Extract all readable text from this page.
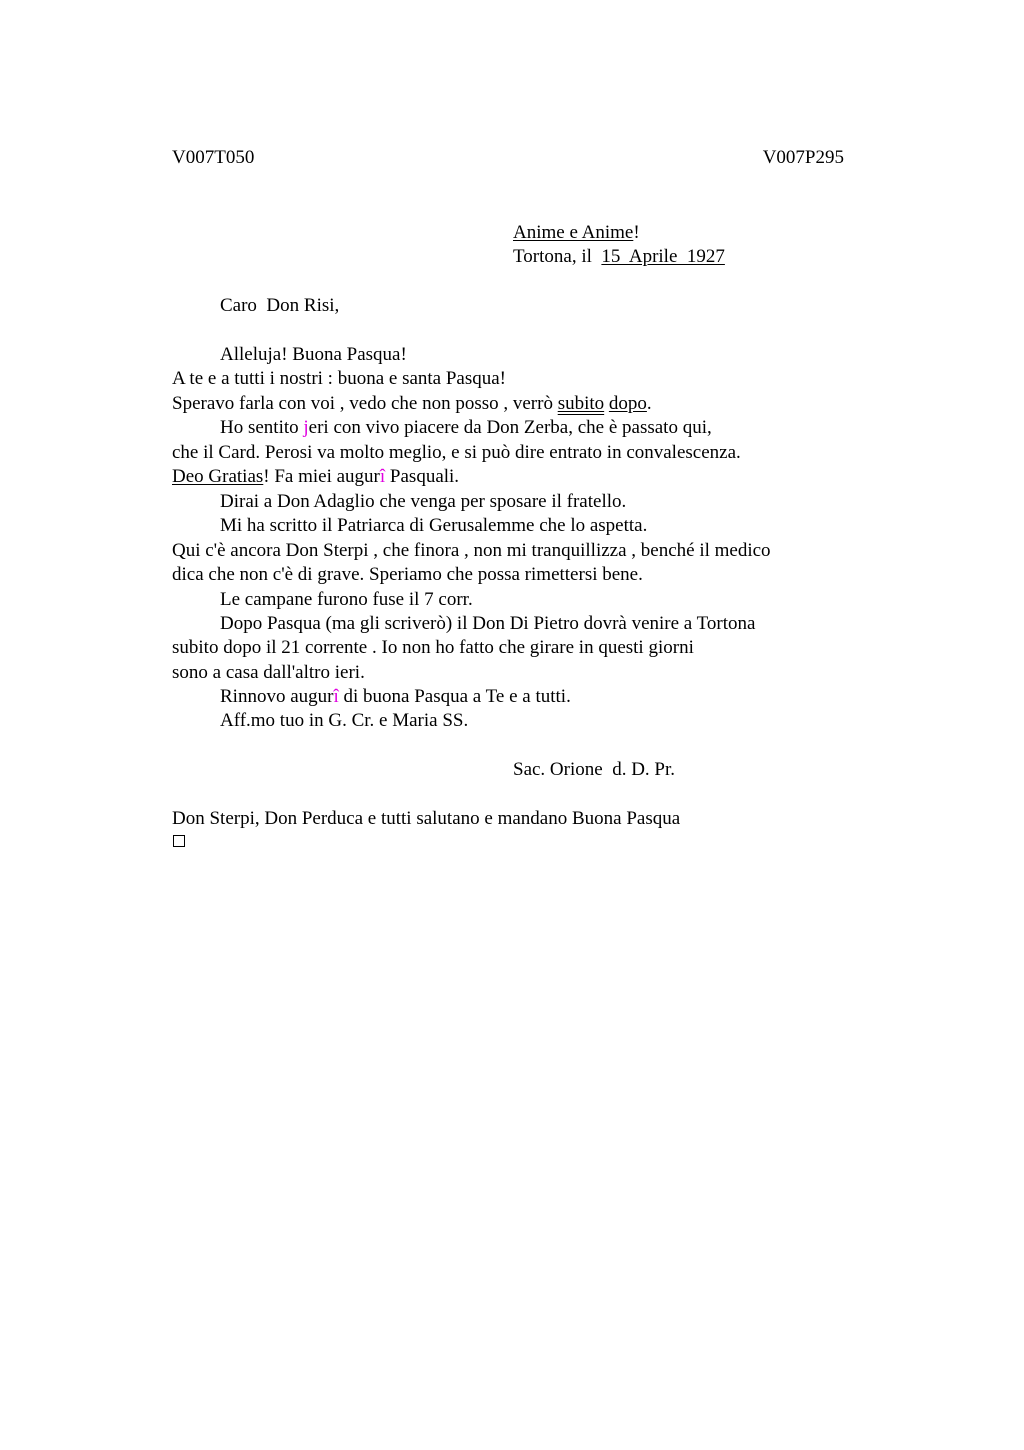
V007T050	V007P295
Anime e Anime!
Tortona, il  15  Aprile  1927
Caro  Don Risi,
Alleluja! Buona Pasqua!
A te e a tutti i nostri : buona e santa Pasqua!
Speravo farla con voi , vedo che non posso , verrò subito dopo.
Ho sentito jeri con vivo piacere da Don Zerba, che è passato qui,
che il Card. Perosi va molto meglio, e si può dire entrato in convalescenza.
Deo Gratias! Fa miei augurî Pasquali.
Dirai a Don Adaglio che venga per sposare il fratello.
Mi ha scritto il Patriarca di Gerusalemme che lo aspetta.
Qui c'è ancora Don Sterpi , che finora , non mi tranquillizza , benché il medico
dica che non c'è di grave. Speriamo che possa rimettersi bene.
Le campane furono fuse il 7 corr.
Dopo Pasqua (ma gli scriverò) il Don Di Pietro dovrà venire a Tortona
subito dopo il 21 corrente . Io non ho fatto che girare in questi giorni
sono a casa dall'altro ieri.
Rinnovo augurî di buona Pasqua a Te e a tutti.
Aff.mo tuo in G. Cr. e Maria SS.
Sac. Orione  d. D. Pr.
Don Sterpi, Don Perduca e tutti salutano e mandano Buona Pasqua
